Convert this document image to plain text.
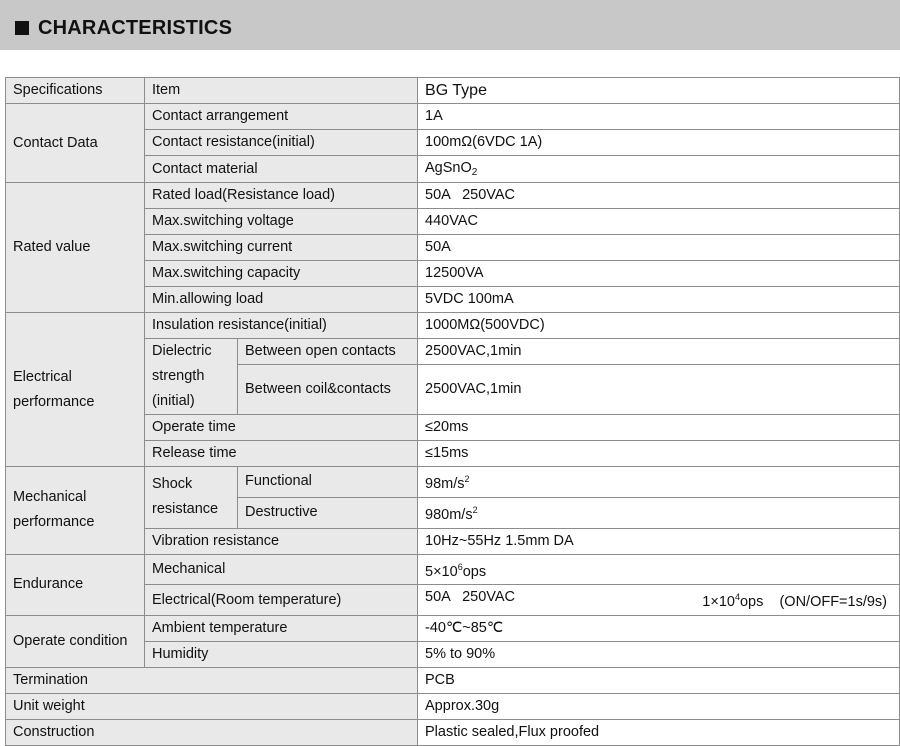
CHARACTERISTICS
Specifications	Item		BG Type
Contact Data	Contact arrangement		1A
	Contact resistance(initial)		100mΩ(6VDC 1A)
	Contact material		AgSnO$_2$
Rated value	Rated load(Resistance load)		50A   250VAC
	Max.switching voltage		440VAC
	Max.switching current		50A
	Max.switching capacity		12500VA
	Min.allowing load		5VDC 100mA
Electrical
performance	Insulation resistance(initial)		1000MΩ(500VDC)
	Dielectric
strength
(initial)	Between open contacts	2500VAC,1min
		Between coil&contacts	2500VAC,1min

	Operate time		≤20ms
	Release time		≤15ms
Mechanical
performance	Shock
resistance	Functional	$98m/s^2$
		Destructive	$980m/s^2$
	Vibration resistance		10Hz~55Hz 1.5mm DA
Endurance	Mechanical		$5\times 10^6ops$
	Electrical(Room temperature)		50A   250VAC $1\times 10^4ops$    (ON/OFF=1s/9s)

Operate condition	Ambient temperature		-40℃~85℃
	Humidity		5% to 90%
Termination			PCB
Unit weight			Approx.30g
Construction			Plastic sealed,Flux proofed
